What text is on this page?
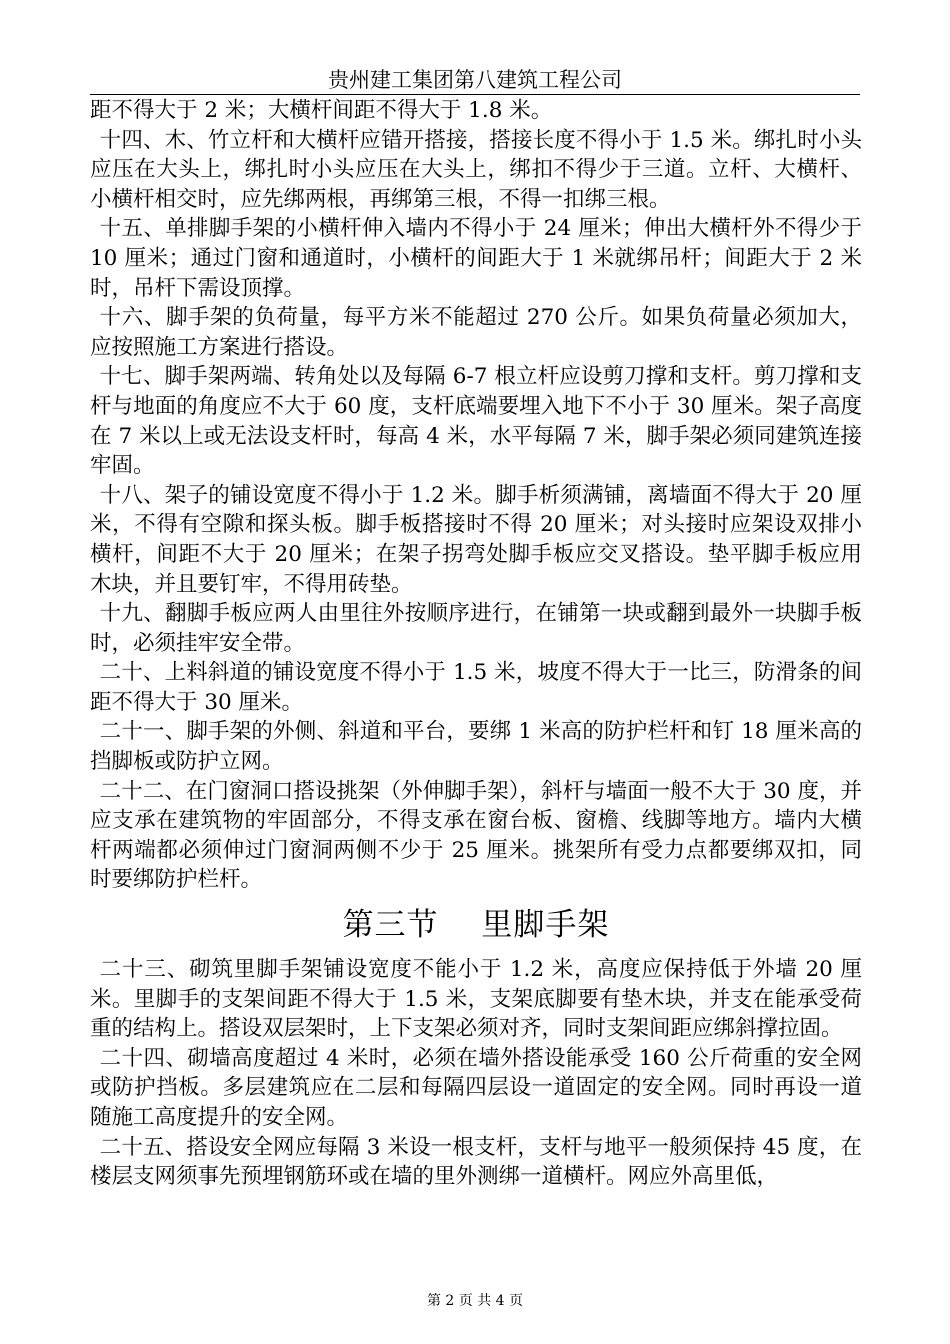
贵州建工集团第八建筑工程公司

距不得大于 2 米；大横杆间距不得大于 1.8 米。

十四、木、竹立杆和大横杆应错开搭接，搭接长度不得小于 1.5 米。绑扎时小头应压在大头上，绑扎时小头应压在大头上，绑扣不得少于三道。立杆、大横杆、小横杆相交时，应先绑两根，再绑第三根，不得一扣绑三根。

十五、单排脚手架的小横杆伸入墙内不得小于 24 厘米；伸出大横杆外不得少于 10 厘米；通过门窗和通道时，小横杆的间距大于 1 米就绑吊杆；间距大于 2 米时，吊杆下需设顶撑。

十六、脚手架的负荷量，每平方米不能超过 270 公斤。如果负荷量必须加大，应按照施工方案进行搭设。

十七、脚手架两端、转角处以及每隔 6-7 根立杆应设剪刀撑和支杆。剪刀撑和支杆与地面的角度应不大于 60 度，支杆底端要埋入地下不小于 30 厘米。架子高度在 7 米以上或无法设支杆时，每高 4 米，水平每隔 7 米，脚手架必须同建筑连接牢固。

十八、架子的铺设宽度不得小于 1.2 米。脚手析须满铺，离墙面不得大于 20 厘米，不得有空隙和探头板。脚手板搭接时不得 20 厘米；对头接时应架设双排小横杆，间距不大于 20 厘米；在架子拐弯处脚手板应交叉搭设。垫平脚手板应用木块，并且要钉牢，不得用砖垫。

十九、翻脚手板应两人由里往外按顺序进行，在铺第一块或翻到最外一块脚手板时，必须挂牢安全带。

二十、上料斜道的铺设宽度不得小于 1.5 米，坡度不得大于一比三，防滑条的间距不得大于 30 厘米。

二十一、脚手架的外侧、斜道和平台，要绑 1 米高的防护栏杆和钉 18 厘米高的挡脚板或防护立网。

二十二、在门窗洞口搭设挑架（外伸脚手架），斜杆与墙面一般不大于 30 度，并应支承在建筑物的牢固部分，不得支承在窗台板、窗檐、线脚等地方。墙内大横杆两端都必须伸过门窗洞两侧不少于 25 厘米。挑架所有受力点都要绑双扣，同时要绑防护栏杆。

第三节　 里脚手架

二十三、砌筑里脚手架铺设宽度不能小于 1.2 米，高度应保持低于外墙 20 厘米。里脚手的支架间距不得大于 1.5 米，支架底脚要有垫木块，并支在能承受荷重的结构上。搭设双层架时，上下支架必须对齐，同时支架间距应绑斜撑拉固。

二十四、砌墙高度超过 4 米时，必须在墙外搭设能承受 160 公斤荷重的安全网或防护挡板。多层建筑应在二层和每隔四层设一道固定的安全网。同时再设一道随施工高度提升的安全网。

二十五、搭设安全网应每隔 3 米设一根支杆，支杆与地平一般须保持 45 度，在楼层支网须事先预埋钢筋环或在墙的里外测绑一道横杆。网应外高里低，

第 2 页 共 4 页
